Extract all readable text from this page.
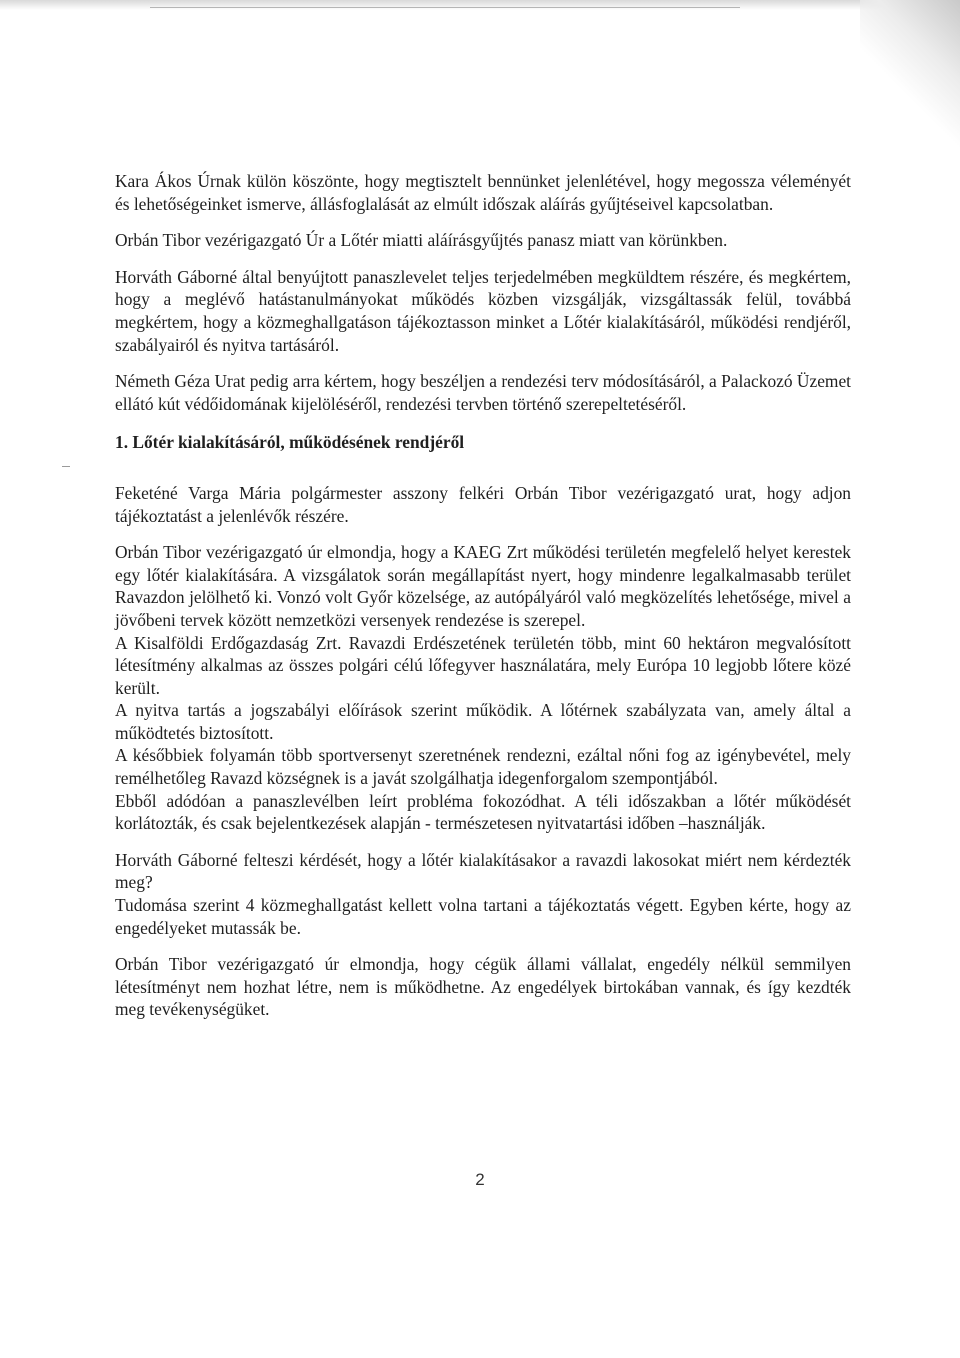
Kara Ákos Úrnak külön köszönte, hogy megtisztelt bennünket jelenlétével, hogy megossza véleményét és lehetőségeinket ismerve, állásfoglalását az elmúlt időszak aláírás gyűjtéseivel kapcsolatban.

Orbán Tibor vezérigazgató Úr a Lőtér miatti aláírásgyűjtés panasz miatt van körünkben.

Horváth Gáborné által benyújtott panaszlevelet teljes terjedelmében megküldtem részére, és megkértem, hogy a meglévő hatástanulmányokat működés közben vizsgálják, vizsgáltassák felül, továbbá megkértem, hogy a közmeghallgatáson tájékoztasson minket a Lőtér kialakításáról, működési rendjéről, szabályairól és nyitva tartásáról.

Németh Géza Urat pedig arra kértem, hogy beszéljen a rendezési terv módosításáról, a Palackozó Üzemet ellátó kút védőidomának kijelöléséről, rendezési tervben történő szerepeltetéséről.

1. Lőtér kialakításáról, működésének rendjéről

Feketéné Varga Mária polgármester asszony felkéri Orbán Tibor vezérigazgató urat, hogy adjon tájékoztatást a jelenlévők részére.

Orbán Tibor vezérigazgató úr elmondja, hogy a KAEG Zrt működési területén megfelelő helyet kerestek egy lőtér kialakítására. A vizsgálatok során megállapítást nyert, hogy mindenre legalkalmasabb terület Ravazdon jelölhető ki. Vonzó volt Győr közelsége, az autópályáról való megközelítés lehetősége, mivel a jövőbeni tervek között nemzetközi versenyek rendezése is szerepel.

A Kisalföldi Erdőgazdaság Zrt. Ravazdi Erdészetének területén több, mint 60 hektáron megvalósított létesítmény alkalmas az összes polgári célú lőfegyver használatára, mely Európa 10 legjobb lőtere közé került.

A nyitva tartás a jogszabályi előírások szerint működik. A lőtérnek szabályzata van, amely által a működtetés biztosított.

A későbbiek folyamán több sportversenyt szeretnének rendezni, ezáltal nőni fog az igénybevétel, mely remélhetőleg Ravazd községnek is a javát szolgálhatja idegenforgalom szempontjából.

Ebből adódóan a panaszlevélben leírt probléma fokozódhat. A téli időszakban a lőtér működését korlátozták, és csak bejelentkezések alapján - természetesen nyitvatartási időben –használják.

Horváth Gáborné felteszi kérdését, hogy a lőtér kialakításakor a ravazdi lakosokat miért nem kérdezték meg?

Tudomása szerint 4 közmeghallgatást kellett volna tartani a tájékoztatás végett. Egyben kérte, hogy az engedélyeket mutassák be.

Orbán Tibor vezérigazgató úr elmondja, hogy cégük állami vállalat, engedély nélkül semmilyen létesítményt nem hozhat létre, nem is működhetne. Az engedélyek birtokában vannak, és így kezdték meg tevékenységüket.

2
